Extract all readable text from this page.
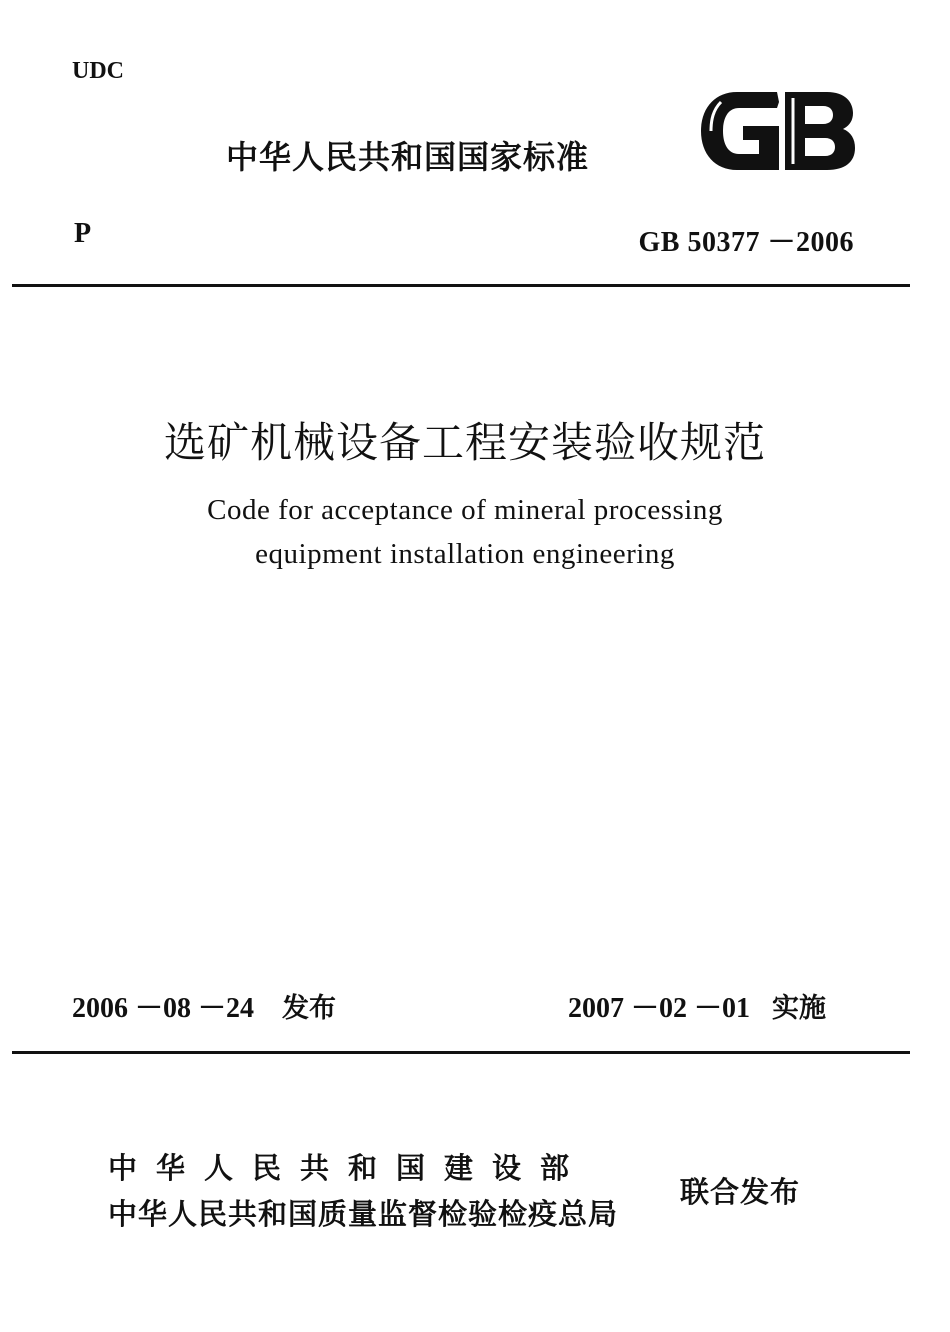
UDC
中华人民共和国国家标准
P	GB 50377 －2006
选矿机械设备工程安装验收规范
Code for acceptance of mineral processing
equipment installation engineering
2006 －08 －24 发布	2007 －02 －01 实施
中华人民共和国建设部
中华人民共和国质量监督检验检疫总局
联合发布
